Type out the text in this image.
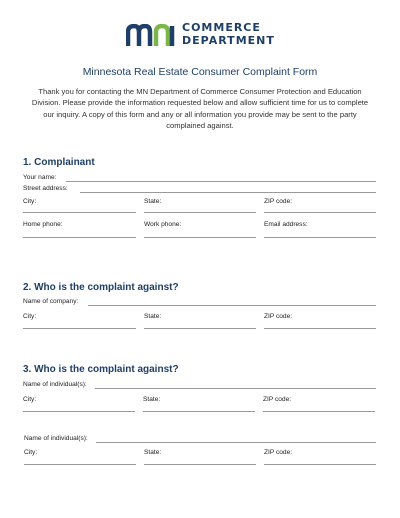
COMMERCE
DEPARTMENT
Minnesota Real Estate Consumer Complaint Form
Thank you for contacting the MN Department of Commerce Consumer Protection and Education Division. Please provide the information requested below and allow sufficient time for us to complete our inquiry. A copy of this form and any or all information you provide may be sent to the party complained against.
1. Complainant
Your name:
Street address:
City:	State:	ZIP code:
Home phone:	Work phone:	Email address:
2. Who is the complaint against?
Name of company:
City:	State:	ZIP code:
3. Who is the complaint against?
Name of individual(s):
City:	State:	ZIP code:
Name of individual(s):
City:	State:	ZIP code:
